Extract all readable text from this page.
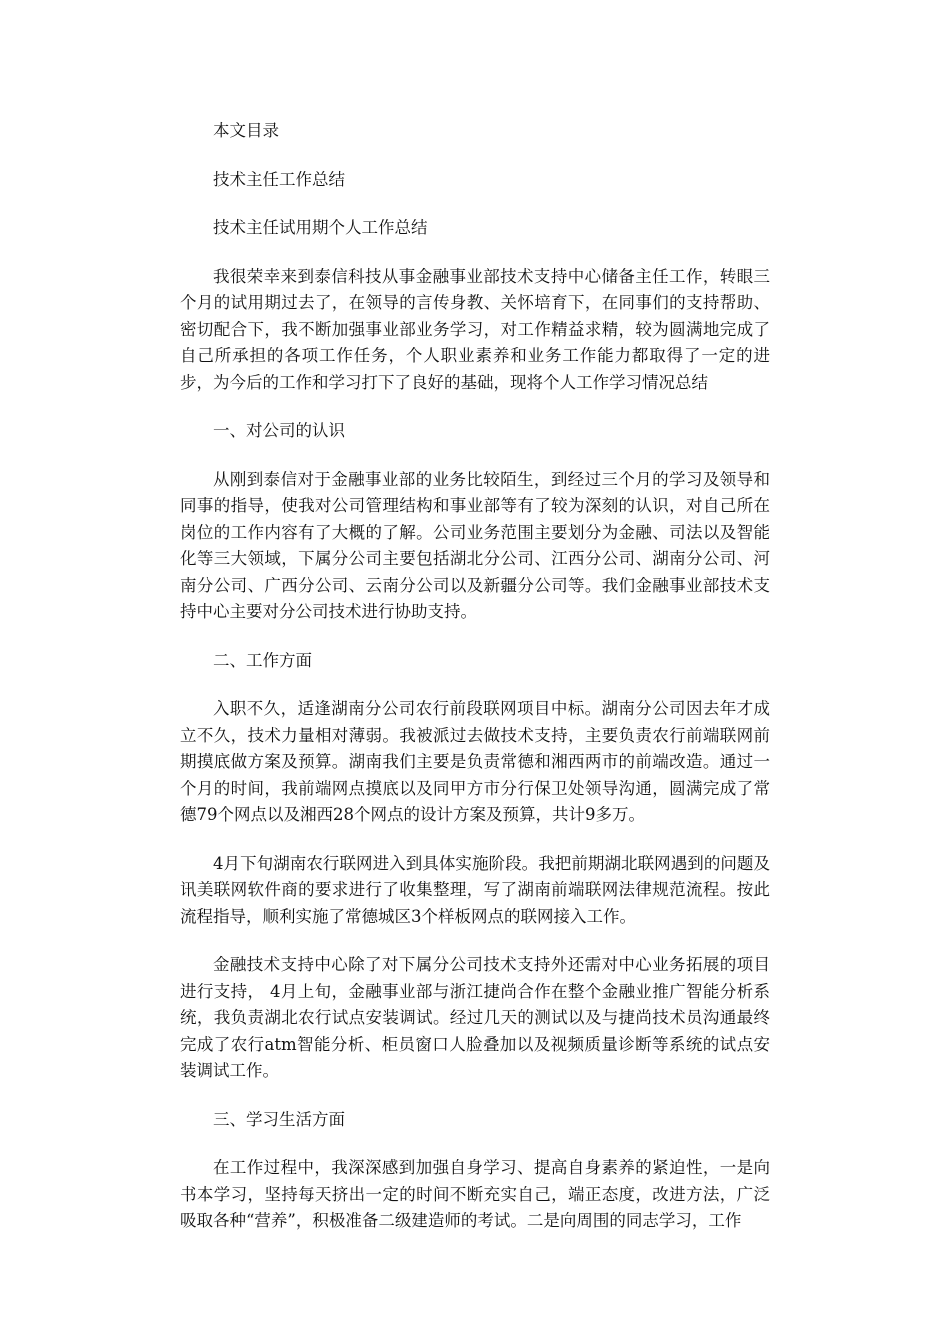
本文目录
技术主任工作总结
技术主任试用期个人工作总结
我很荣幸来到泰信科技从事金融事业部技术支持中心储备主任工作，转眼三个月的试用期过去了，在领导的言传身教、关怀培育下，在同事们的支持帮助、密切配合下，我不断加强事业部业务学习，对工作精益求精，较为圆满地完成了自己所承担的各项工作任务，个人职业素养和业务工作能力都取得了一定的进步，为今后的工作和学习打下了良好的基础，现将个人工作学习情况总结
一、对公司的认识
从刚到泰信对于金融事业部的业务比较陌生，到经过三个月的学习及领导和同事的指导，使我对公司管理结构和事业部等有了较为深刻的认识，对自己所在岗位的工作内容有了大概的了解。公司业务范围主要划分为金融、司法以及智能化等三大领域，下属分公司主要包括湖北分公司、江西分公司、湖南分公司、河南分公司、广西分公司、云南分公司以及新疆分公司等。我们金融事业部技术支持中心主要对分公司技术进行协助支持。
二、工作方面
入职不久，适逢湖南分公司农行前段联网项目中标。湖南分公司因去年才成立不久，技术力量相对薄弱。我被派过去做技术支持，主要负责农行前端联网前期摸底做方案及预算。湖南我们主要是负责常德和湘西两市的前端改造。通过一个月的时间，我前端网点摸底以及同甲方市分行保卫处领导沟通，圆满完成了常德79个网点以及湘西28个网点的设计方案及预算，共计9多万。
4月下旬湖南农行联网进入到具体实施阶段。我把前期湖北联网遇到的问题及讯美联网软件商的要求进行了收集整理，写了湖南前端联网法律规范流程。按此流程指导，顺利实施了常德城区3个样板网点的联网接入工作。
金融技术支持中心除了对下属分公司技术支持外还需对中心业务拓展的项目进行支持， 4月上旬，金融事业部与浙江捷尚合作在整个金融业推广智能分析系统，我负责湖北农行试点安装调试。经过几天的测试以及与捷尚技术员沟通最终完成了农行atm智能分析、柜员窗口人脸叠加以及视频质量诊断等系统的试点安装调试工作。
三、学习生活方面
在工作过程中，我深深感到加强自身学习、提高自身素养的紧迫性，一是向书本学习，坚持每天挤出一定的时间不断充实自己，端正态度，改进方法，广泛吸取各种“营养”，积极准备二级建造师的考试。二是向周围的同志学习，工作
